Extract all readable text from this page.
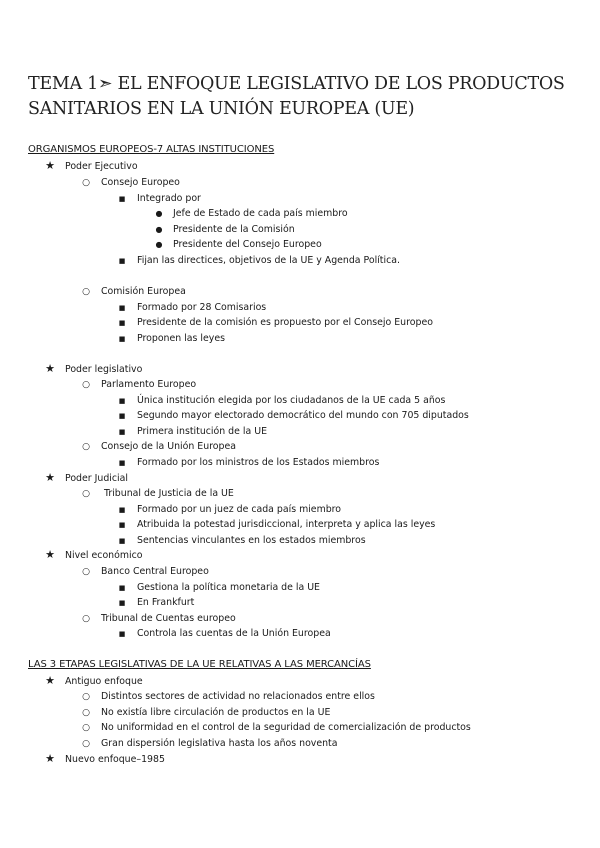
TEMA 1➣ EL ENFOQUE LEGISLATIVO DE LOS PRODUCTOS
SANITARIOS EN LA UNIÓN EUROPEA (UE)
ORGANISMOS EUROPEOS-7 ALTAS INSTITUCIONES
★ Poder Ejecutivo
○ Consejo Europeo
■ Integrado por
● Jefe de Estado de cada país miembro
● Presidente de la Comisión
● Presidente del Consejo Europeo
■ Fijan las directices, objetivos de la UE y Agenda Política.
○ Comisión Europea
■ Formado por 28 Comisarios
■ Presidente de la comisión es propuesto por el Consejo Europeo
■ Proponen las leyes
★ Poder legislativo
○ Parlamento Europeo
■ Única institución elegida por los ciudadanos de la UE cada 5 años
■ Segundo mayor electorado democrático del mundo con 705 diputados
■ Primera institución de la UE
○ Consejo de la Unión Europea
■ Formado por los ministros de los Estados miembros
★ Poder Judicial
○ Tribunal de Justicia de la UE
■ Formado por un juez de cada país miembro
■ Atribuida la potestad jurisdiccional, interpreta y aplica las leyes
■ Sentencias vinculantes en los estados miembros
★ Nivel económico
○ Banco Central Europeo
■ Gestiona la política monetaria de la UE
■ En Frankfurt
○ Tribunal de Cuentas europeo
■ Controla las cuentas de la Unión Europea
LAS 3 ETAPAS LEGISLATIVAS DE LA UE RELATIVAS A LAS MERCANCÍAS
★ Antiguo enfoque
○ Distintos sectores de actividad no relacionados entre ellos
○ No existía libre circulación de productos en la UE
○ No uniformidad en el control de la seguridad de comercialización de productos
○ Gran dispersión legislativa hasta los años noventa
★ Nuevo enfoque–1985
